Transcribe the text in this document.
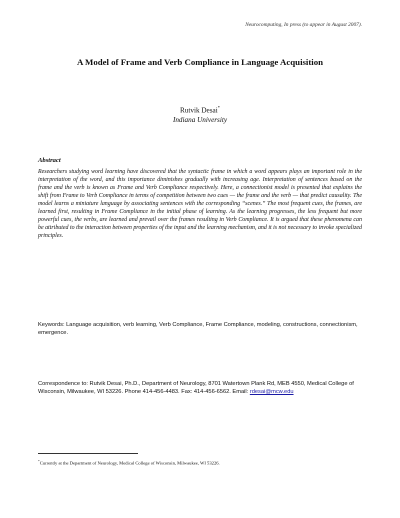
Neurocomputing, In press (to appear in August 2007).
A Model of Frame and Verb Compliance in Language Acquisition
Rutvik Desai*
Indiana University
Abstract
Researchers studying word learning have discovered that the syntactic frame in which a word appears plays an important role in the interpretation of the word, and this importance diminishes gradually with increasing age. Interpretation of sentences based on the frame and the verb is known as Frame and Verb Compliance respectively. Here, a connectionist model is presented that explains the shift from Frame to Verb Compliance in terms of competition between two cues — the frame and the verb — that predict causality. The model learns a miniature language by associating sentences with the corresponding “scenes.” The most frequent cues, the frames, are learned first, resulting in Frame Compliance in the initial phase of learning. As the learning progresses, the less frequent but more powerful cues, the verbs, are learned and prevail over the frames resulting in Verb Compliance. It is argued that these phenomena can be attributed to the interaction between properties of the input and the learning mechanism, and it is not necessary to invoke specialized principles.
Keywords: Language acquisition, verb learning, Verb Compliance, Frame Compliance, modeling, constructions, connectionism, emergence.
Correspondence to: Rutvik Desai, Ph.D., Department of Neurology, 8701 Watertown Plank Rd, MEB 4550, Medical College of Wisconsin, Milwaukee, WI 53226. Phone 414-456-4483. Fax: 414-456-6562. Email: rdesai@mcw.edu
*Currently at the Department of Neurology, Medical College of Wisconsin, Milwaukee, WI 53226.
